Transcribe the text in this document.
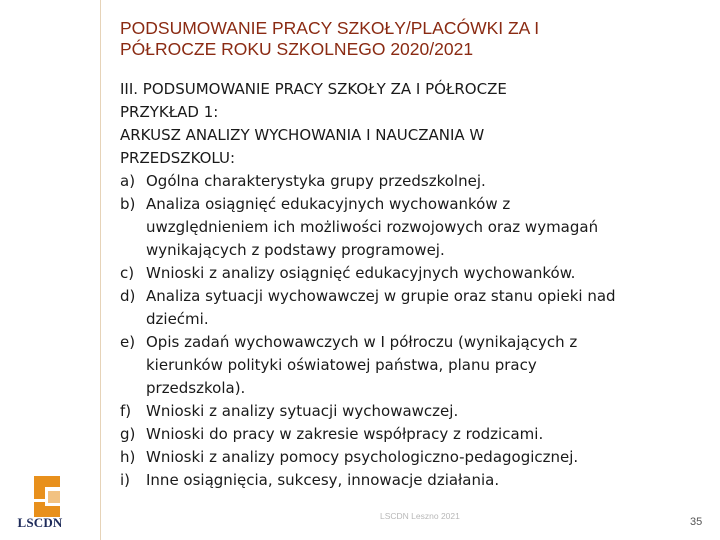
PODSUMOWANIE PRACY SZKOŁY/PLACÓWKI ZA I
PÓŁROCZE ROKU SZKOLNEGO 2020/2021
III. PODSUMOWANIE PRACY SZKOŁY ZA I PÓŁROCZE
PRZYKŁAD 1:
ARKUSZ ANALIZY WYCHOWANIA I NAUCZANIA W
PRZEDSZKOLU:
a) Ogólna charakterystyka grupy przedszkolnej.
b) Analiza osiągnięć edukacyjnych wychowanków z
uwzględnieniem ich możliwości rozwojowych oraz wymagań
wynikających z podstawy programowej.
c) Wnioski z analizy osiągnięć edukacyjnych wychowanków.
d) Analiza sytuacji wychowawczej w grupie oraz stanu opieki nad
dziećmi.
e) Opis zadań wychowawczych w I półroczu (wynikających z
kierunków polityki oświatowej państwa, planu pracy
przedszkola).
f) Wnioski z analizy sytuacji wychowawczej.
g) Wnioski do pracy w zakresie współpracy z rodzicami.
h) Wnioski z analizy pomocy psychologiczno-pedagogicznej.
i)	Inne osiągnięcia, sukcesy, innowacje działania.
LSCDN	LSCDN Leszno 2021	35
